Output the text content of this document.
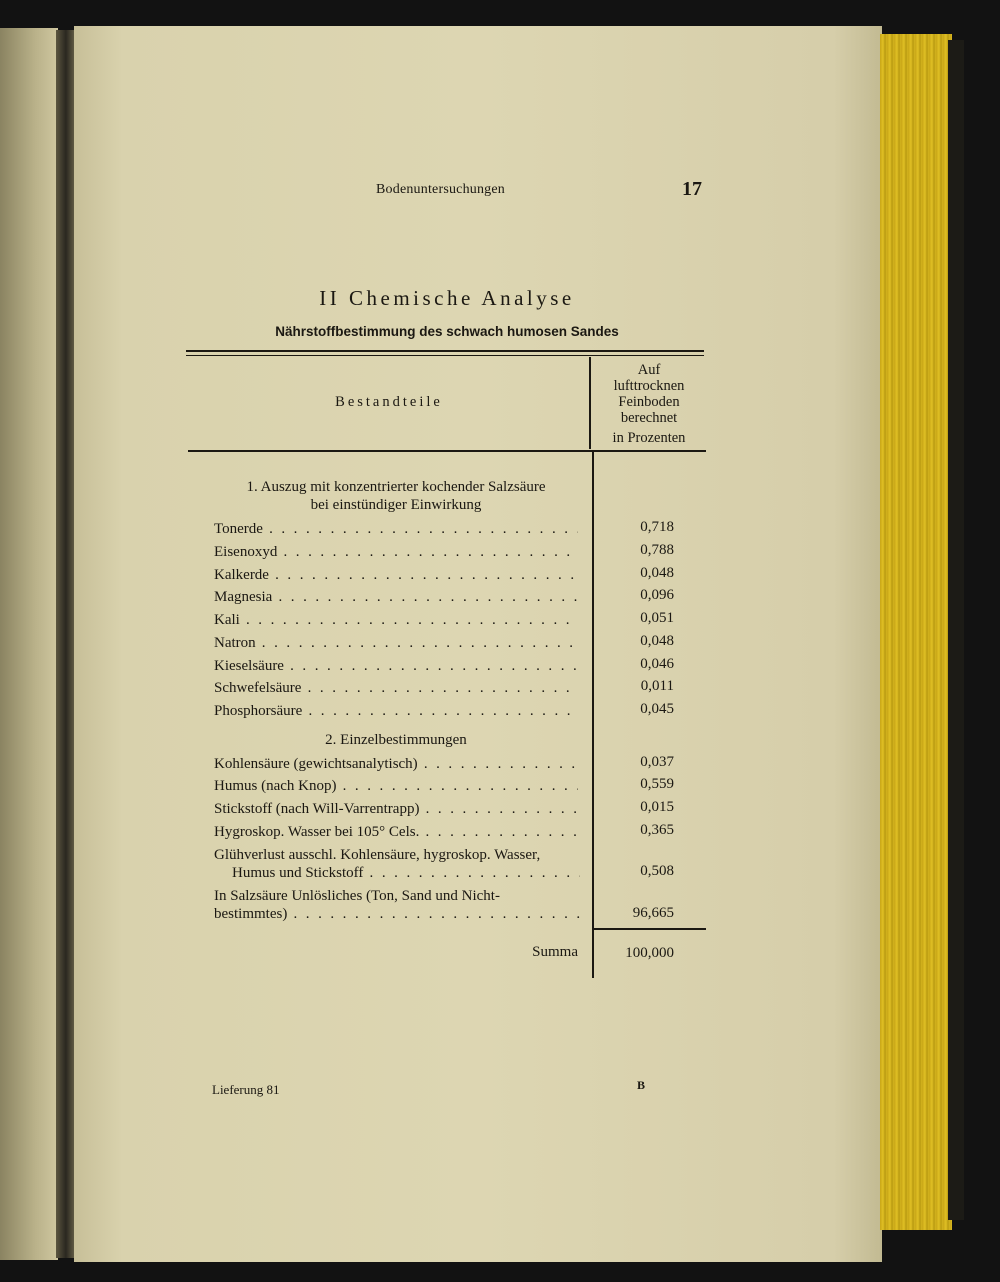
Bodenuntersuchungen	17
II Chemische Analyse
Nährstoffbestimmung des schwach humosen Sandes
Bestandteile
Auf
lufttrocknen
Feinboden
berechnet
in Prozenten
1. Auszug mit konzentrierter kochender Salzsäure
bei einstündiger Einwirkung
Tonerde . . .	0,718
Eisenoxyd . . .	0,788
Kalkerde . . .	0,048
Magnesia . . .	0,096
Kali . . .	0,051
Natron . . .	0,048
Kieselsäure . . .	0,046
Schwefelsäure . . .	0,011
Phosphorsäure . . .	0,045
2. Einzelbestimmungen
Kohlensäure (gewichtsanalytisch) . . .	0,037
Humus (nach Knop) . . .	0,559
Stickstoff (nach Will-Varrentrapp) . . .	0,015
Hygroskop. Wasser bei 105° Cels. . . .	0,365
Glühverlust ausschl. Kohlensäure, hygroskop. Wasser,
Humus und Stickstoff . . .	0,508
In Salzsäure Unlösliches (Ton, Sand und Nicht-
bestimmtes) . . .	96,665
Summa	100,000
Lieferung 81	B
